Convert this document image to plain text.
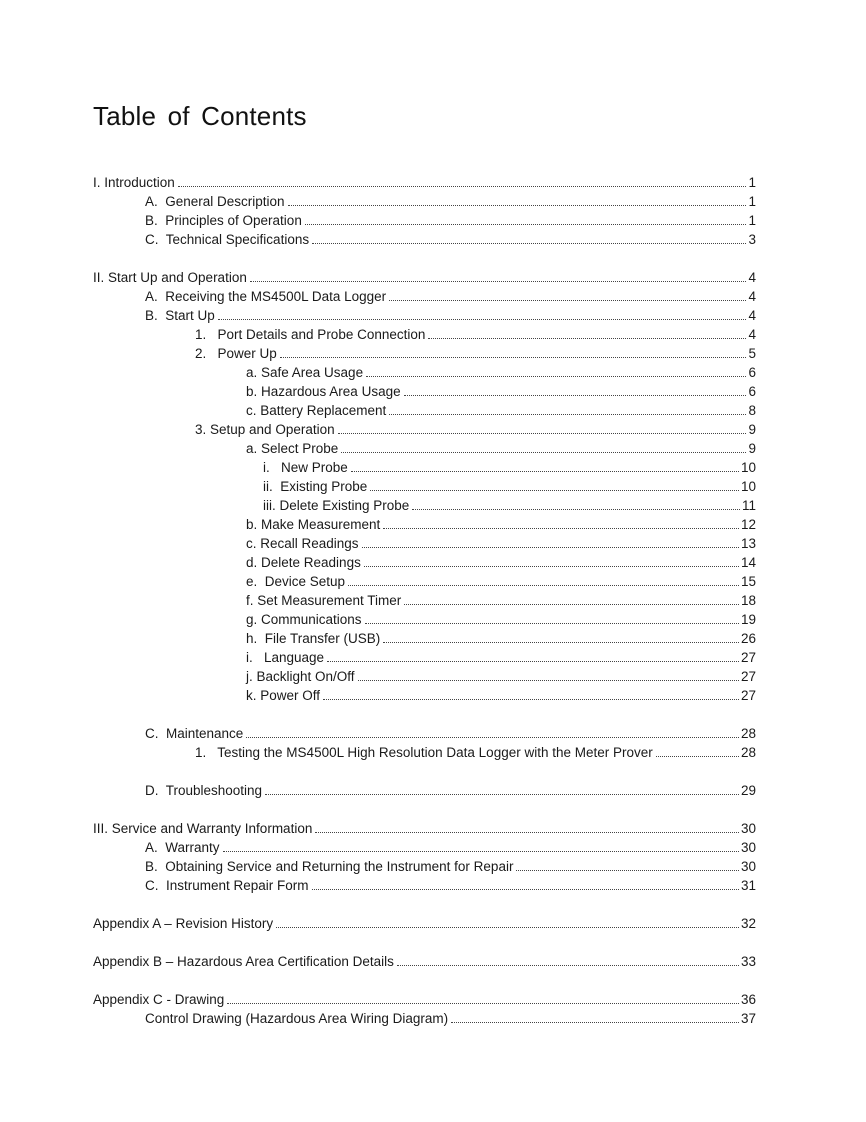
Table of Contents
I. Introduction	1
A.  General Description	1
B.  Principles of Operation	1
C.  Technical Specifications	3
II. Start Up and Operation	4
A.  Receiving the MS4500L Data Logger	4
B.  Start Up	4
1.   Port Details and Probe Connection	4
2.   Power Up	5
a. Safe Area Usage	6
b. Hazardous Area Usage	6
c. Battery Replacement	8
3. Setup and Operation	9
a. Select Probe	9
i.   New Probe	10
ii.  Existing Probe	10
iii. Delete Existing Probe	11
b. Make Measurement	12
c. Recall Readings	13
d. Delete Readings	14
e.  Device Setup	15
f. Set Measurement Timer	18
g. Communications	19
h.  File Transfer (USB)	26
i.   Language	27
j. Backlight On/Off	27
k. Power Off	27
C.  Maintenance	28
1.   Testing the MS4500L High Resolution Data Logger with the Meter Prover	28
D.  Troubleshooting	29
III. Service and Warranty Information	30
A.  Warranty	30
B.  Obtaining Service and Returning the Instrument for Repair	30
C.  Instrument Repair Form	31
Appendix A – Revision History	32
Appendix B – Hazardous Area Certification Details	33
Appendix C - Drawing	36
Control Drawing (Hazardous Area Wiring Diagram)	37
